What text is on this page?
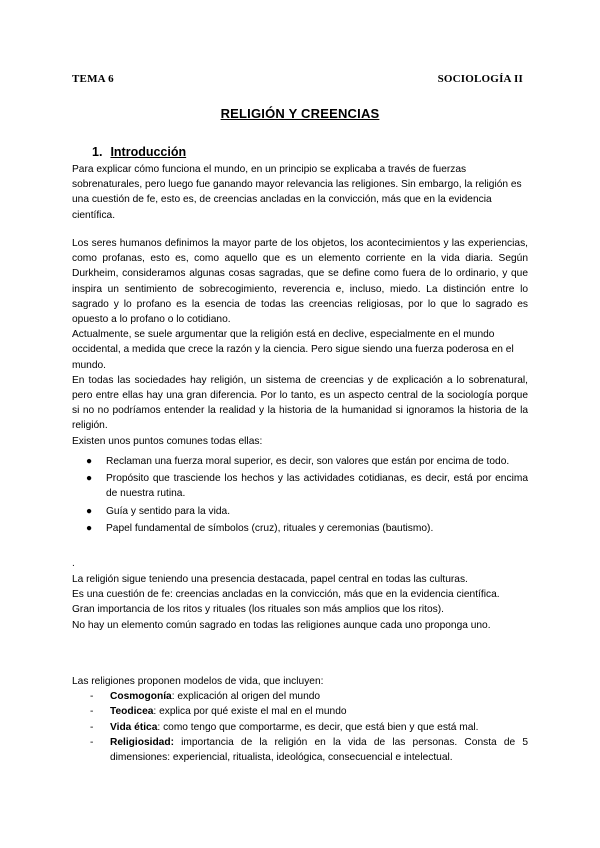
TEMA 6	SOCIOLOGÍA II
RELIGIÓN Y CREENCIAS
1. Introducción

Para explicar cómo funciona el mundo, en un principio se explicaba a través de fuerzas sobrenaturales, pero luego fue ganando mayor relevancia las religiones. Sin embargo, la religión es una cuestión de fe, esto es, de creencias ancladas en la convicción, más que en la evidencia científica.

Los seres humanos definimos la mayor parte de los objetos, los acontecimientos y las experiencias, como profanas, esto es, como aquello que es un elemento corriente en la vida diaria. Según Durkheim, consideramos algunas cosas sagradas, que se define como fuera de lo ordinario, y que inspira un sentimiento de sobrecogimiento, reverencia e, incluso, miedo. La distinción entre lo sagrado y lo profano es la esencia de todas las creencias religiosas, por lo que lo sagrado es opuesto a lo profano o lo cotidiano.

Actualmente, se suele argumentar que la religión está en declive, especialmente en el mundo occidental, a medida que crece la razón y la ciencia. Pero sigue siendo una fuerza poderosa en el mundo.

En todas las sociedades hay religión, un sistema de creencias y de explicación a lo sobrenatural, pero entre ellas hay una gran diferencia. Por lo tanto, es un aspecto central de la sociología porque si no no podríamos entender la realidad y la historia de la humanidad si ignoramos la historia de la religión.

Existen unos puntos comunes todas ellas:

● Reclaman una fuerza moral superior, es decir, son valores que están por encima de todo.
● Propósito que trasciende los hechos y las actividades cotidianas, es decir, está por encima de nuestra rutina.
● Guía y sentido para la vida.
● Papel fundamental de símbolos (cruz), rituales y ceremonias (bautismo).
.

La religión sigue teniendo una presencia destacada, papel central en todas las culturas.

Es una cuestión de fe: creencias ancladas en la convicción, más que en la evidencia científica.

Gran importancia de los ritos y rituales (los rituales son más amplios que los ritos).

No hay un elemento común sagrado en todas las religiones aunque cada uno proponga uno.

Las religiones proponen modelos de vida, que incluyen:

- Cosmogonía: explicación al origen del mundo
- Teodicea: explica por qué existe el mal en el mundo
- Vida ética: como tengo que comportarme, es decir, que está bien y que está mal.
- Religiosidad: importancia de la religión en la vida de las personas. Consta de 5 dimensiones: experiencial, ritualista, ideológica, consecuencial e intelectual.
